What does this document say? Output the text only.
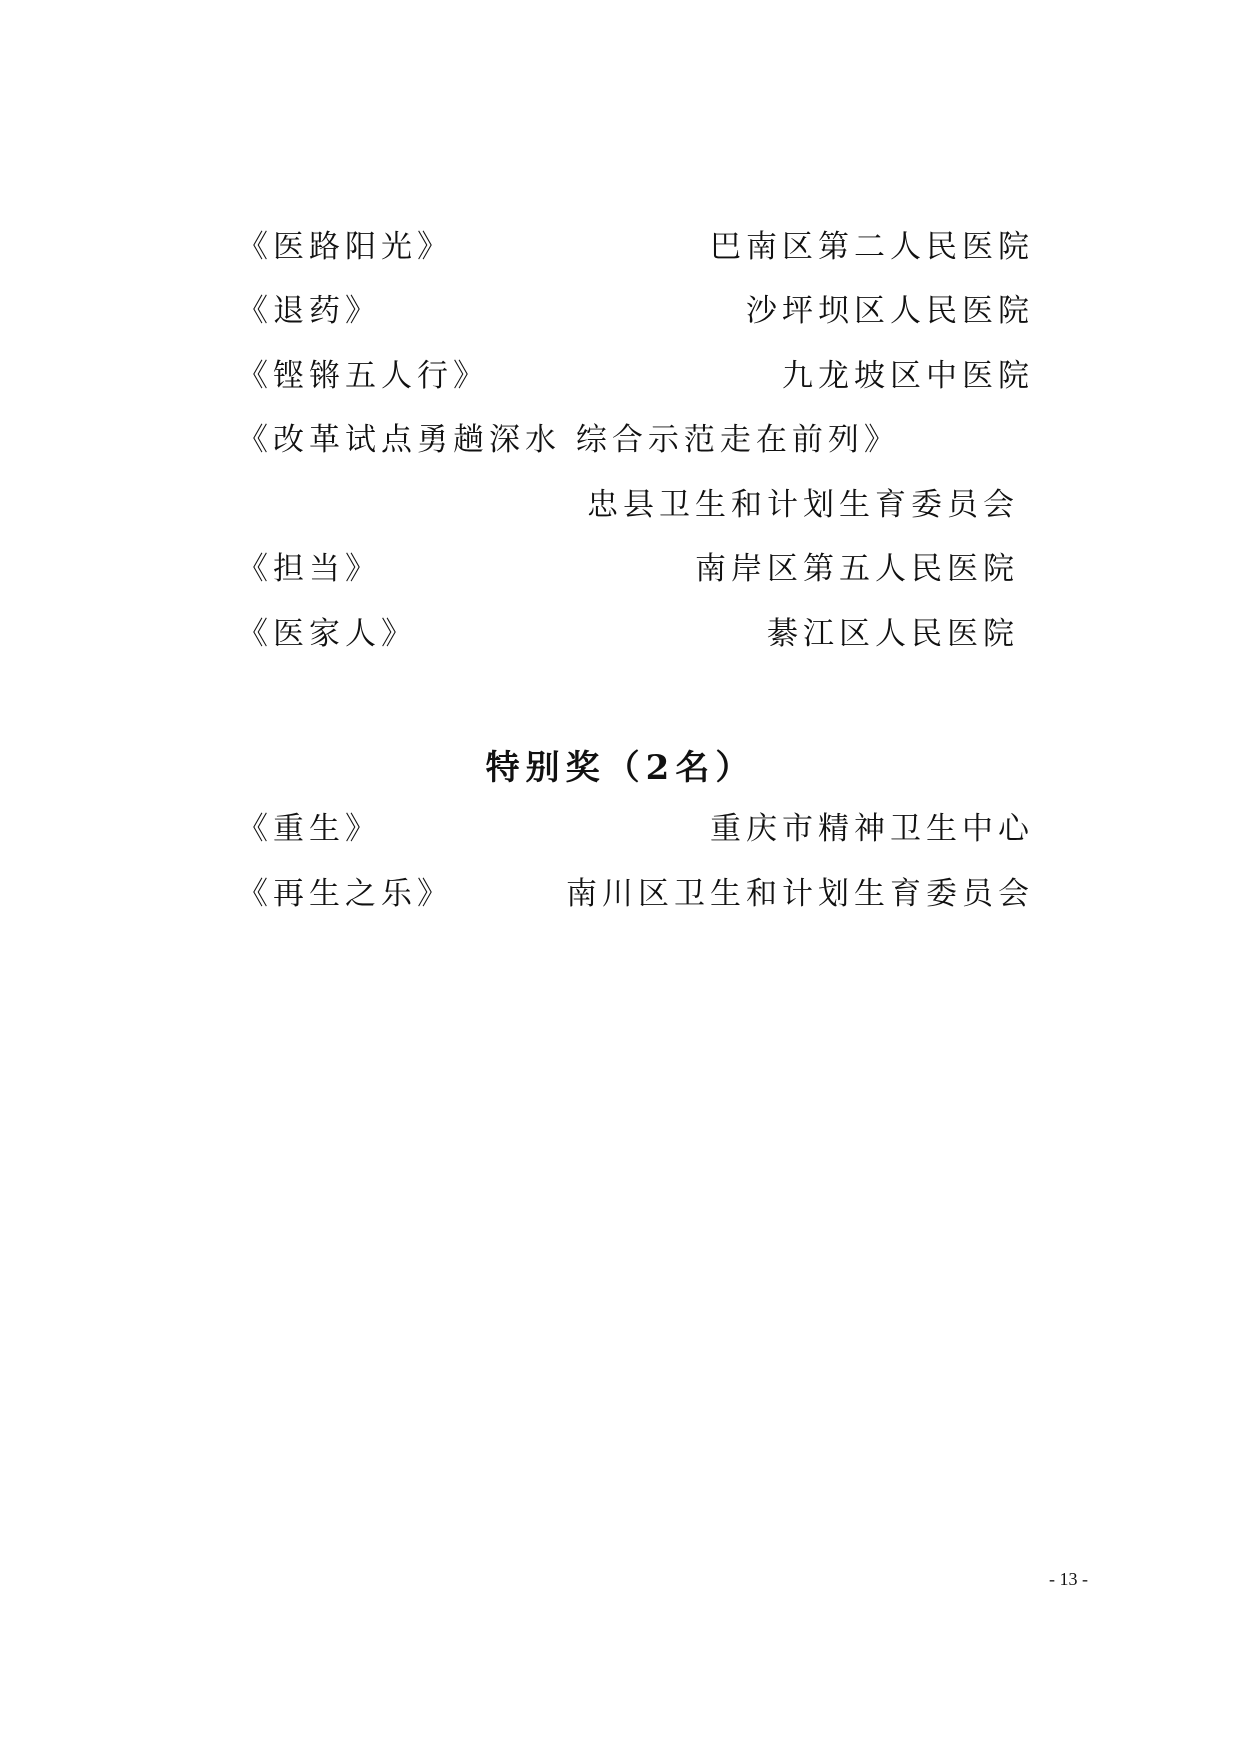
《医路阳光》	巴南区第二人民医院
《退药》	沙坪坝区人民医院
《铿锵五人行》	九龙坡区中医院
《改革试点勇趟深水 综合示范走在前列》
忠县卫生和计划生育委员会
《担当》	南岸区第五人民医院
《医家人》	綦江区人民医院
特别奖（2名）
《重生》	重庆市精神卫生中心
《再生之乐》	南川区卫生和计划生育委员会
- 13 -
